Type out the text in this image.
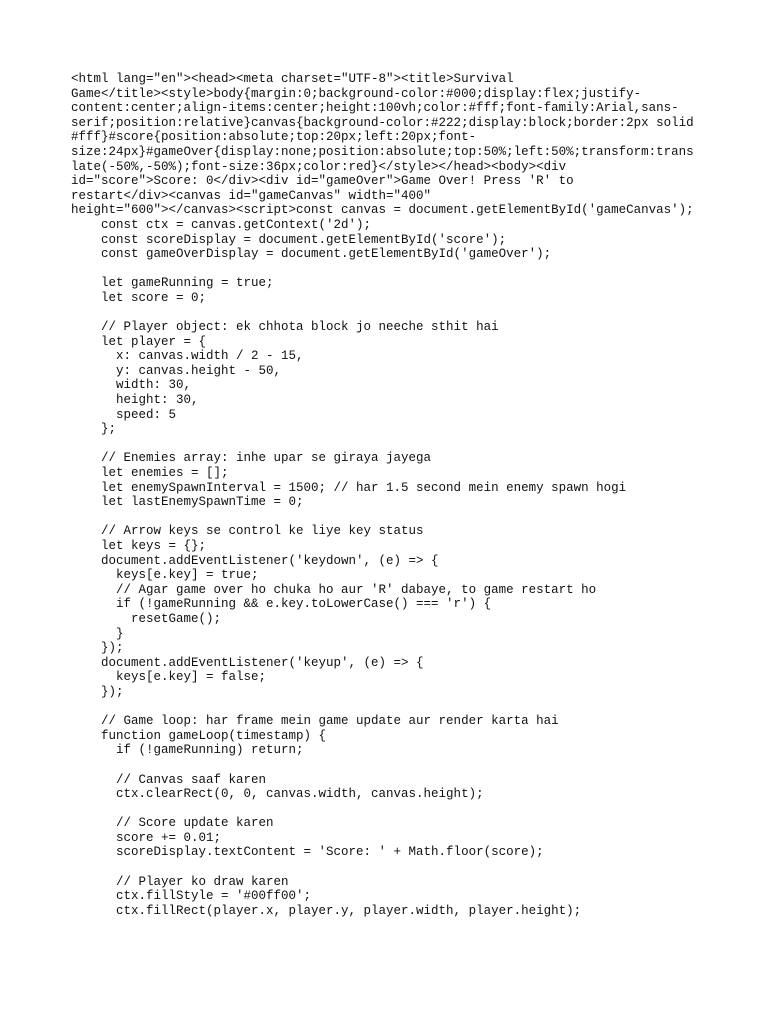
<html lang="en"><head><meta charset="UTF-8"><title>Survival
Game</title><style>body{margin:0;background-color:#000;display:flex;justify-
content:center;align-items:center;height:100vh;color:#fff;font-family:Arial,sans-
serif;position:relative}canvas{background-color:#222;display:block;border:2px solid
#fff}#score{position:absolute;top:20px;left:20px;font-
size:24px}#gameOver{display:none;position:absolute;top:50%;left:50%;transform:trans
late(-50%,-50%);font-size:36px;color:red}</style></head><body><div
id="score">Score: 0</div><div id="gameOver">Game Over! Press 'R' to
restart</div><canvas id="gameCanvas" width="400"
height="600"></canvas><script>const canvas = document.getElementById('gameCanvas');
const ctx = canvas.getContext('2d');
const scoreDisplay = document.getElementById('score');
const gameOverDisplay = document.getElementById('gameOver');
let gameRunning = true;
let score = 0;
// Player object: ek chhota block jo neeche sthit hai
let player = {
x: canvas.width / 2 - 15,
y: canvas.height - 50,
width: 30,
height: 30,
speed: 5
};
// Enemies array: inhe upar se giraya jayega
let enemies = [];
let enemySpawnInterval = 1500; // har 1.5 second mein enemy spawn hogi
let lastEnemySpawnTime = 0;
// Arrow keys se control ke liye key status
let keys = {};
document.addEventListener('keydown', (e) => {
keys[e.key] = true;
// Agar game over ho chuka ho aur 'R' dabaye, to game restart ho
if (!gameRunning && e.key.toLowerCase() === 'r') {
resetGame();
}
});
document.addEventListener('keyup', (e) => {
keys[e.key] = false;
});
// Game loop: har frame mein game update aur render karta hai
function gameLoop(timestamp) {
if (!gameRunning) return;
// Canvas saaf karen
ctx.clearRect(0, 0, canvas.width, canvas.height);
// Score update karen
score += 0.01;
scoreDisplay.textContent = 'Score: ' + Math.floor(score);
// Player ko draw karen
ctx.fillStyle = '#00ff00';
ctx.fillRect(player.x, player.y, player.width, player.height);
